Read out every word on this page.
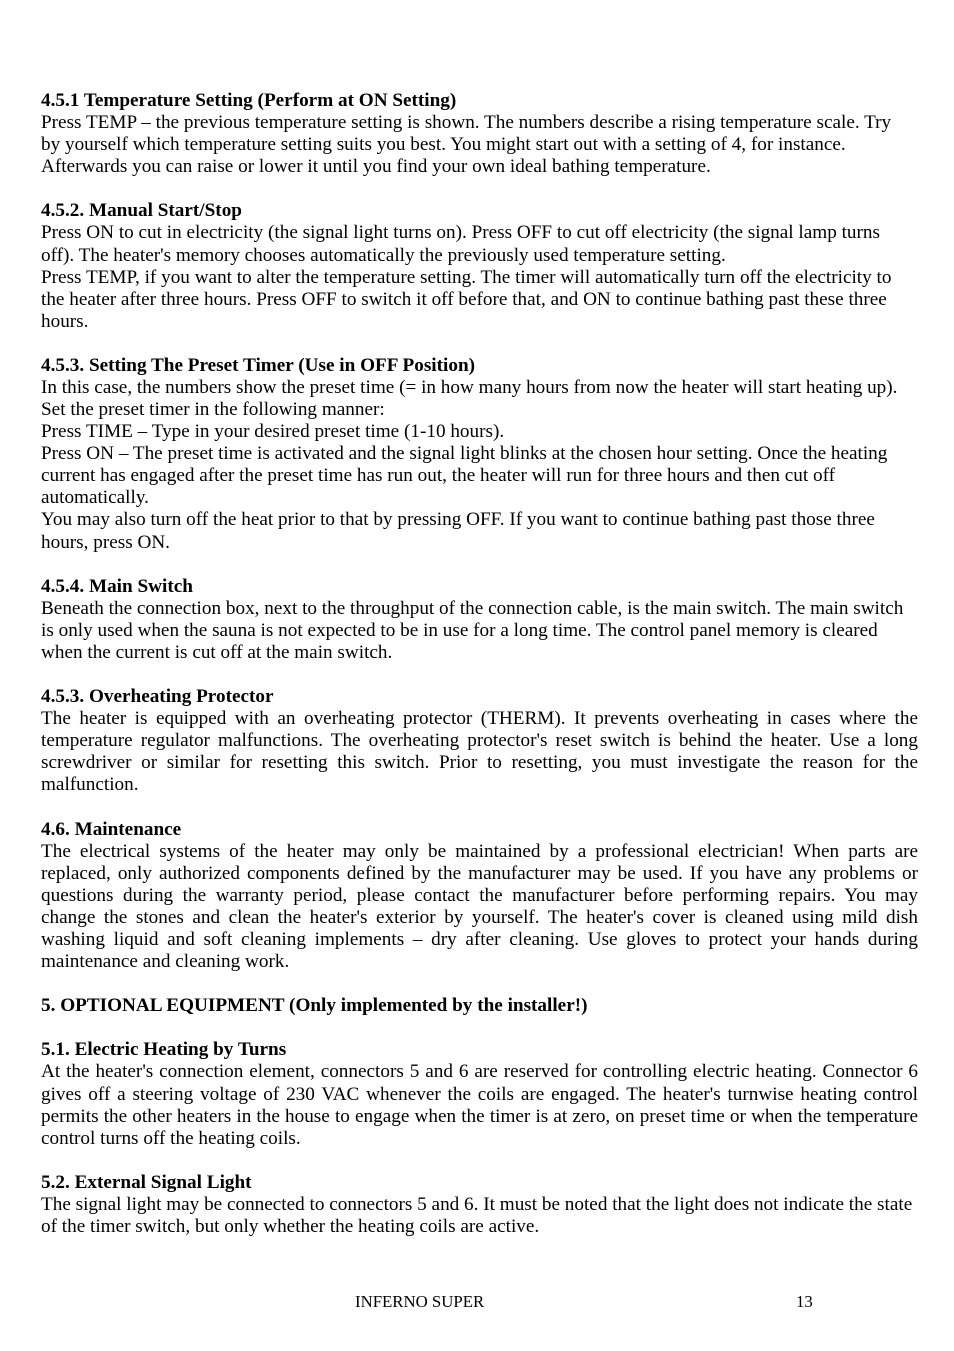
4.5.1 Temperature Setting (Perform at ON Setting)
Press TEMP – the previous temperature setting is shown. The numbers describe a rising temperature scale. Try
by yourself which temperature setting suits you best. You might start out with a setting of 4, for instance.
Afterwards you can raise or lower it until you find your own ideal bathing temperature.
4.5.2. Manual Start/Stop
Press ON to cut in electricity (the signal light turns on). Press OFF to cut off electricity (the signal lamp turns
off). The heater's memory chooses automatically the previously used temperature setting.
Press TEMP, if you want to alter the temperature setting. The timer will automatically turn off the electricity to
the heater after three hours. Press OFF to switch it off before that, and ON to continue bathing past these three
hours.
4.5.3. Setting The Preset Timer (Use in OFF Position)
In this case, the numbers show the preset time (= in how many hours from now the heater will start heating up).
Set the preset timer in the following manner:
Press TIME – Type in your desired preset time (1-10 hours).
Press ON – The preset time is activated and the signal light blinks at the chosen hour setting. Once the heating
current has engaged after the preset time has run out, the heater will run for three hours and then cut off
automatically.
You may also turn off the heat prior to that by pressing OFF. If you want to continue bathing past those three
hours, press ON.
4.5.4. Main Switch
Beneath the connection box, next to the throughput of the connection cable, is the main switch. The main switch
is only used when the sauna is not expected to be in use for a long time. The control panel memory is cleared
when the current is cut off at the main switch.
4.5.3. Overheating Protector
The heater is equipped with an overheating protector (THERM). It prevents overheating in cases where the
temperature regulator malfunctions. The overheating protector's reset switch is behind the heater. Use a long
screwdriver or similar for resetting this switch. Prior to resetting, you must investigate the reason for the
malfunction.
4.6. Maintenance
The electrical systems of the heater may only be maintained by a professional electrician! When parts are
replaced, only authorized components defined by the manufacturer may be used. If you have any problems or
questions during the warranty period, please contact the manufacturer before performing repairs. You may
change the stones and clean the heater's exterior by yourself. The heater's cover is cleaned using mild dish
washing liquid and soft cleaning implements – dry after cleaning. Use gloves to protect your hands during
maintenance and cleaning work.
5. OPTIONAL EQUIPMENT (Only implemented by the installer!)
5.1. Electric Heating by Turns
At the heater's connection element, connectors 5 and 6 are reserved for controlling electric heating. Connector 6
gives off a steering voltage of 230 VAC whenever the coils are engaged. The heater's turnwise heating control
permits the other heaters in the house to engage when the timer is at zero, on preset time or when the temperature
control turns off the heating coils.
5.2. External Signal Light
The signal light may be connected to connectors 5 and 6. It must be noted that the light does not indicate the state
of the timer switch, but only whether the heating coils are active.
INFERNO SUPER	13
